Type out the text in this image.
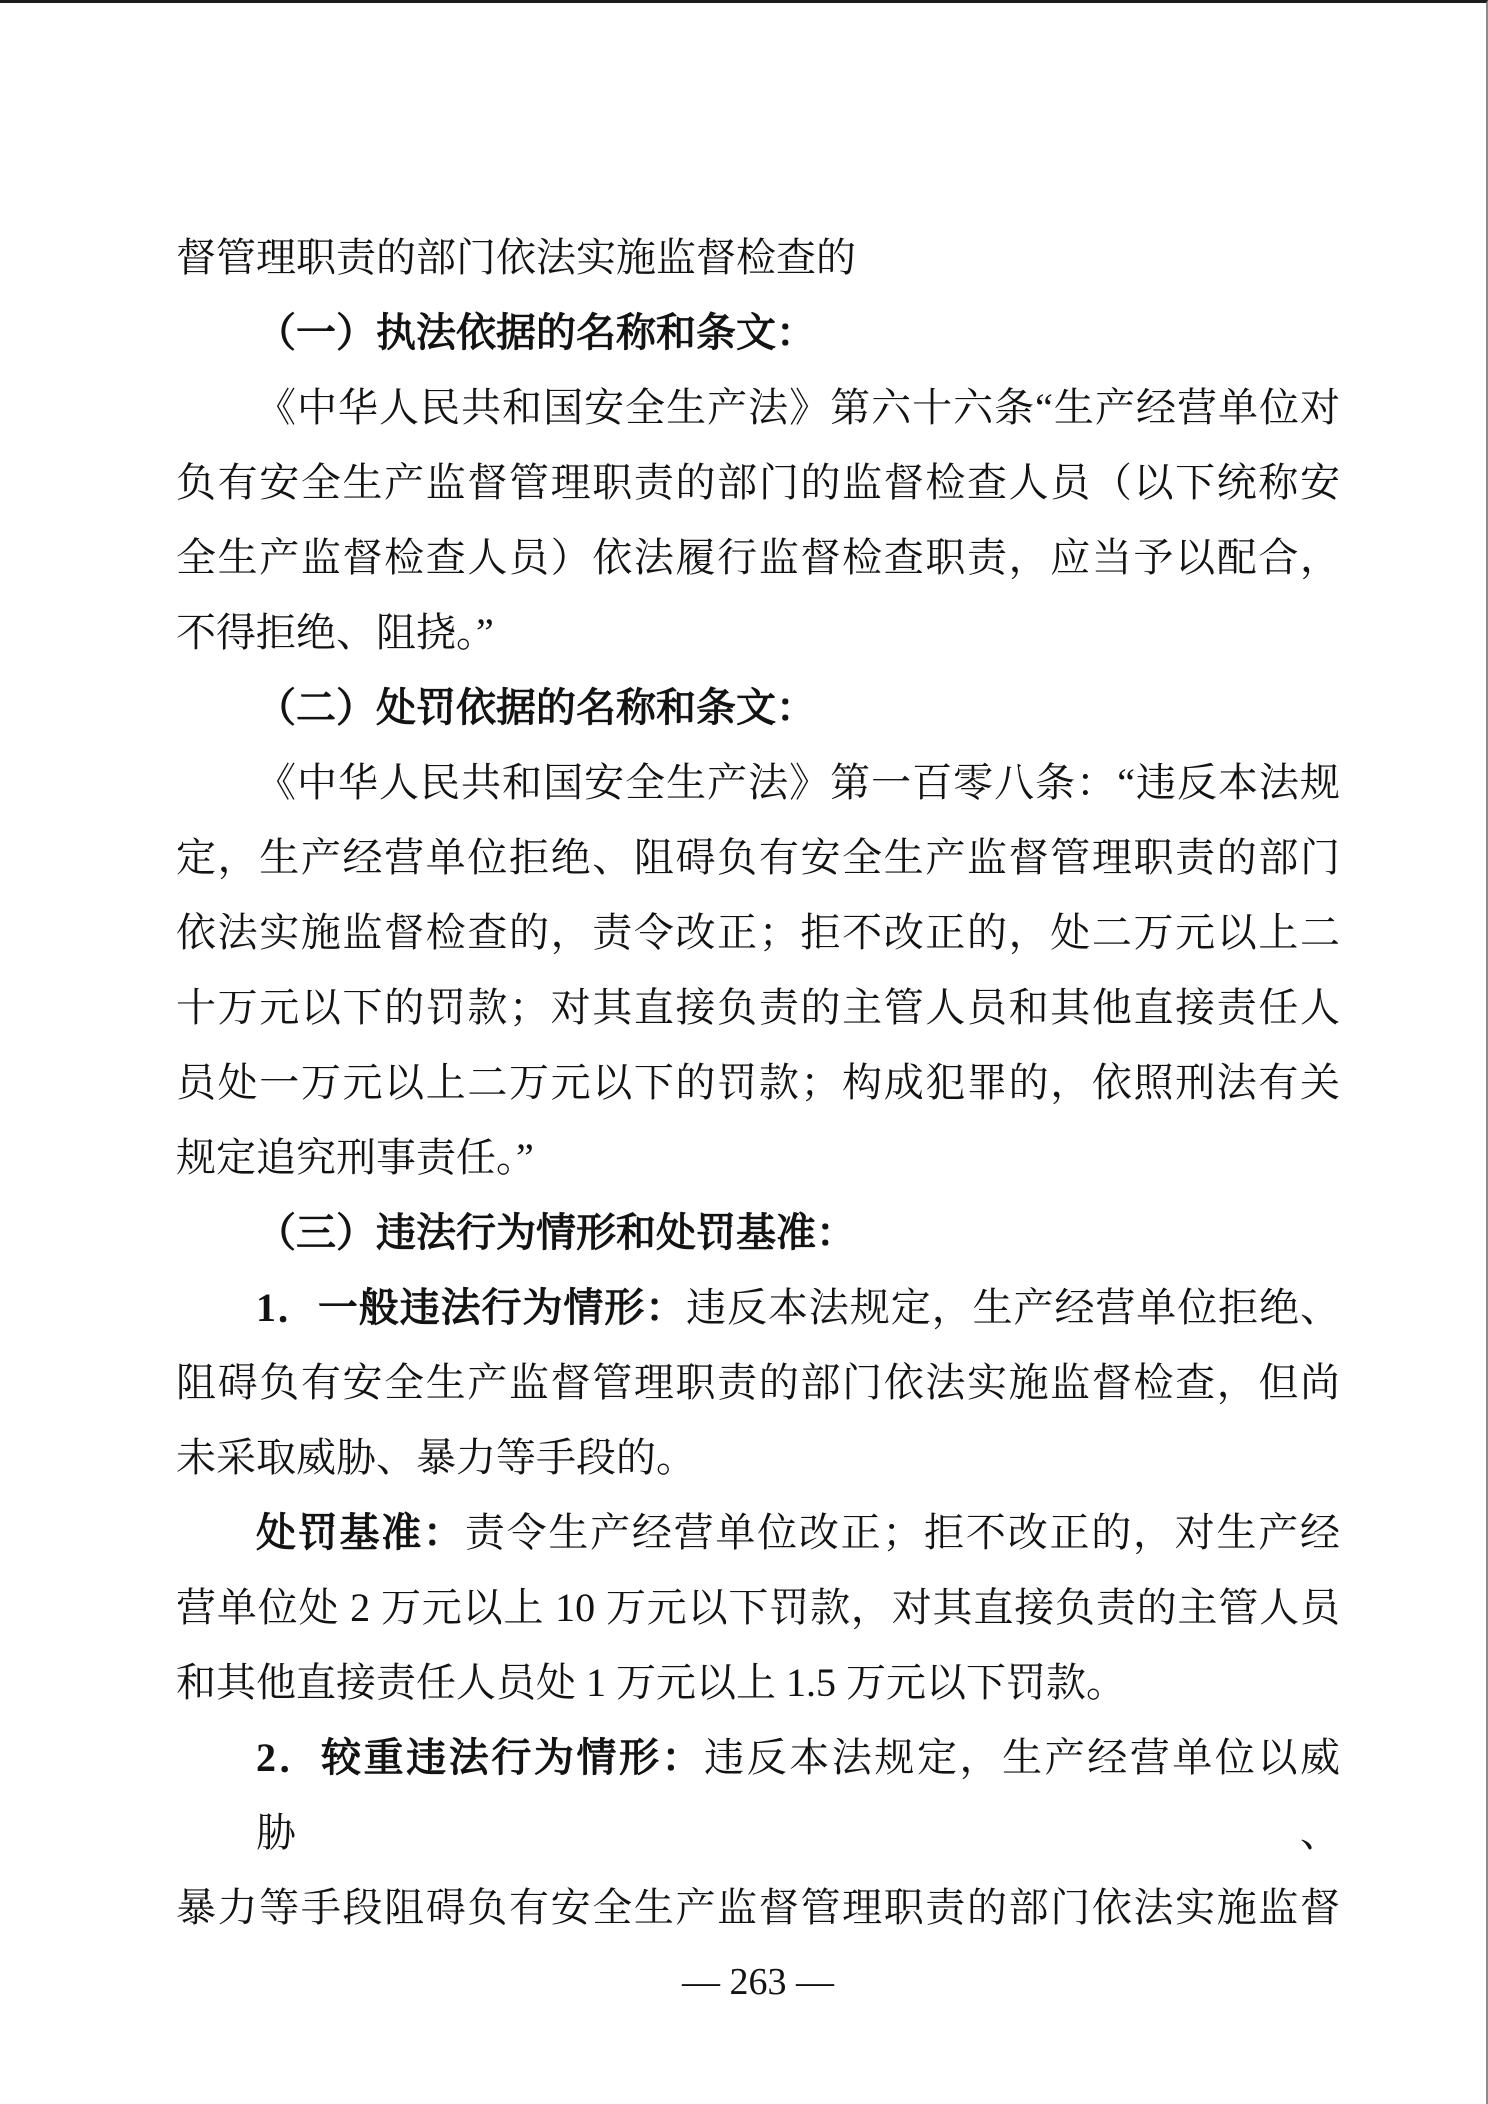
督管理职责的部门依法实施监督检查的
（一）执法依据的名称和条文：
《中华人民共和国安全生产法》第六十六条“生产经营单位对
负有安全生产监督管理职责的部门的监督检查人员（以下统称安
全生产监督检查人员）依法履行监督检查职责，应当予以配合，
不得拒绝、阻挠。”
（二）处罚依据的名称和条文：
《中华人民共和国安全生产法》第一百零八条：“违反本法规
定，生产经营单位拒绝、阻碍负有安全生产监督管理职责的部门
依法实施监督检查的，责令改正；拒不改正的，处二万元以上二
十万元以下的罚款；对其直接负责的主管人员和其他直接责任人
员处一万元以上二万元以下的罚款；构成犯罪的，依照刑法有关
规定追究刑事责任。”
（三）违法行为情形和处罚基准：
1．一般违法行为情形：违反本法规定，生产经营单位拒绝、
阻碍负有安全生产监督管理职责的部门依法实施监督检查，但尚
未采取威胁、暴力等手段的。
处罚基准：责令生产经营单位改正；拒不改正的，对生产经
营单位处 2 万元以上 10 万元以下罚款，对其直接负责的主管人员
和其他直接责任人员处 1 万元以上 1.5 万元以下罚款。
2．较重违法行为情形：违反本法规定，生产经营单位以威胁、
暴力等手段阻碍负有安全生产监督管理职责的部门依法实施监督
— 263 —
